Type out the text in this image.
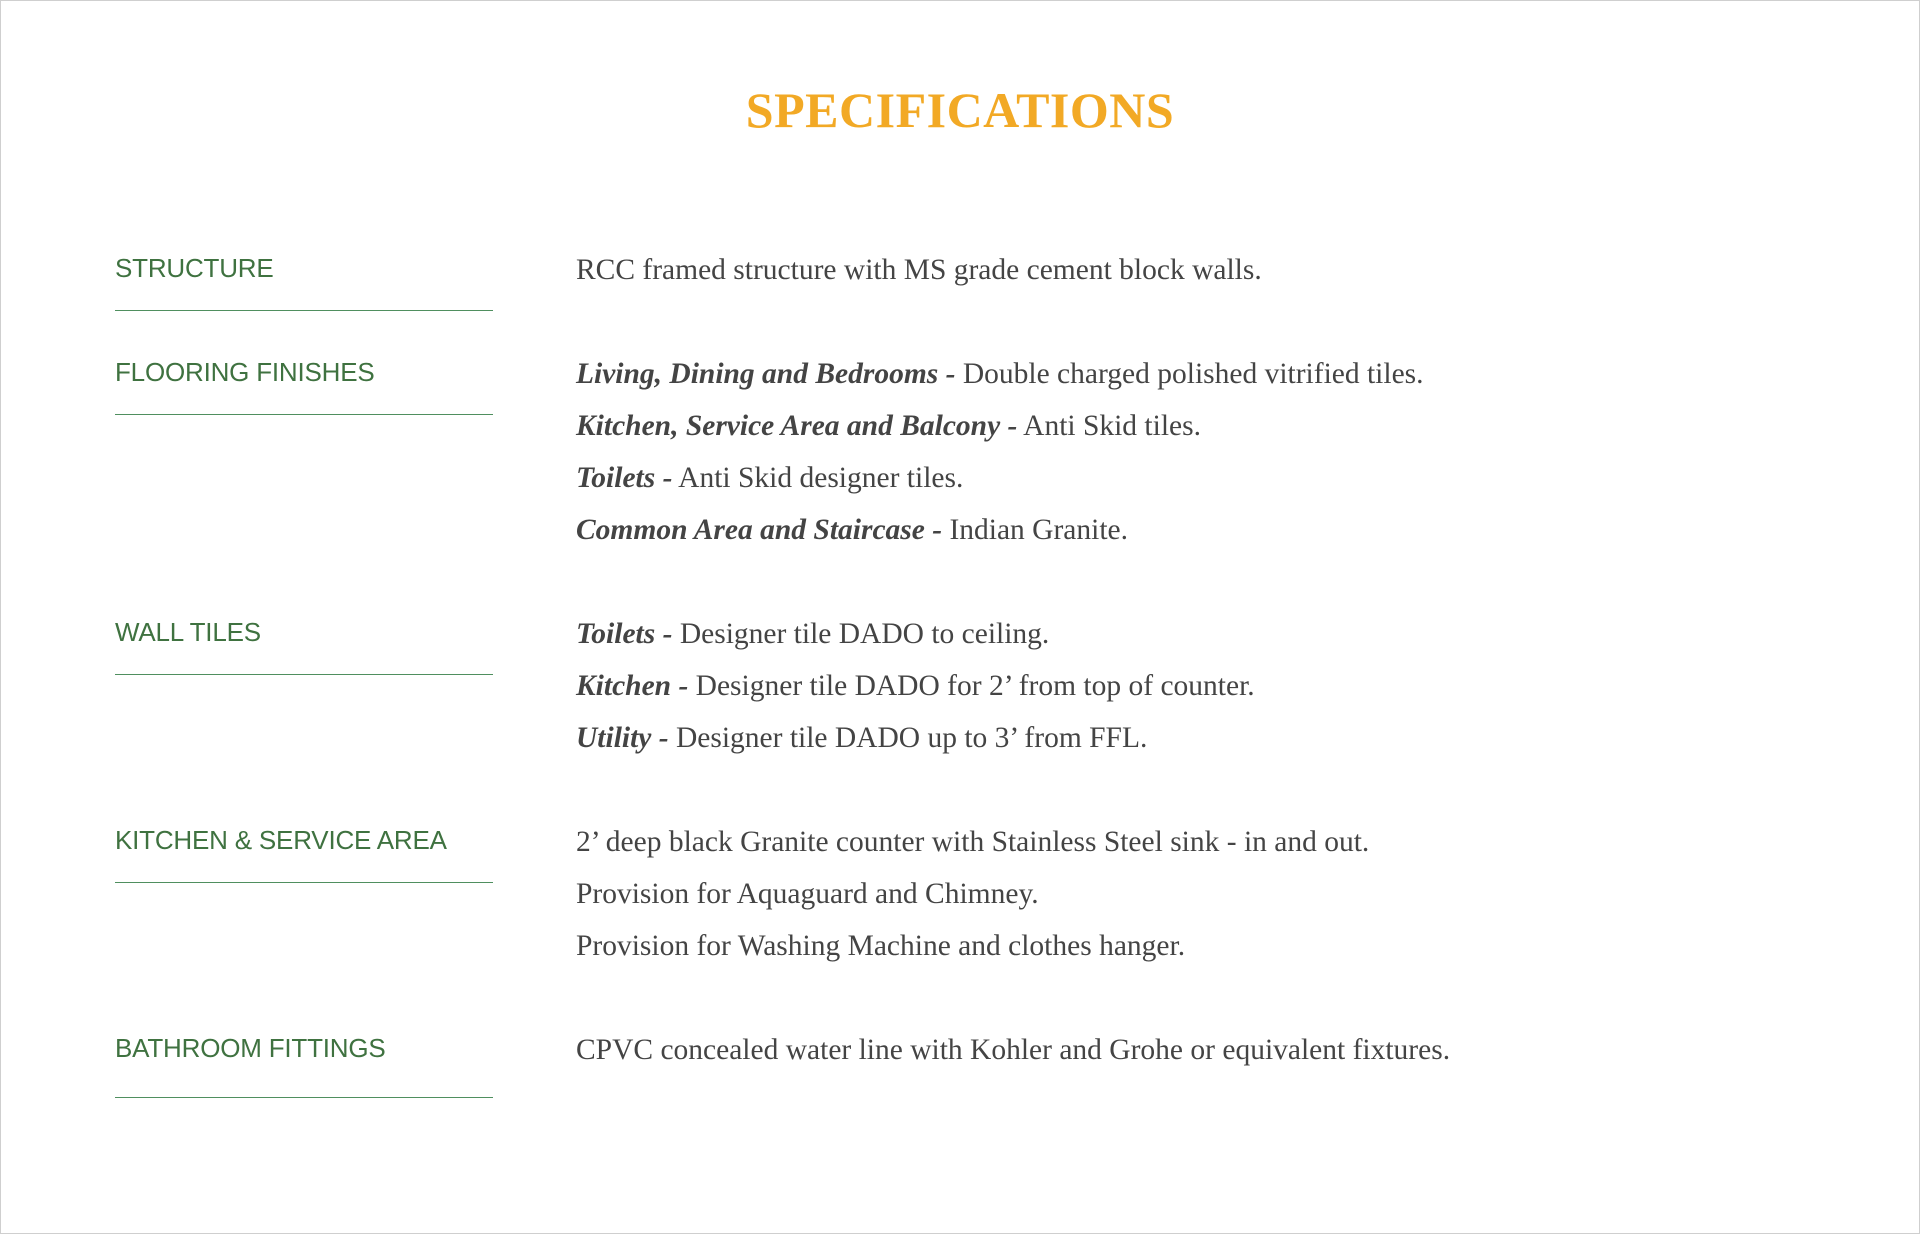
SPECIFICATIONS
STRUCTURE	RCC framed structure with MS grade cement block walls.
FLOORING FINISHES	Living, Dining and Bedrooms - Double charged polished vitrified tiles.
Kitchen, Service Area and Balcony - Anti Skid tiles.
Toilets - Anti Skid designer tiles.
Common Area and Staircase - Indian Granite.
WALL TILES	Toilets - Designer tile DADO to ceiling.
Kitchen - Designer tile DADO for 2’ from top of counter.
Utility - Designer tile DADO up to 3’ from FFL.
KITCHEN & SERVICE AREA	2’ deep black Granite counter with Stainless Steel sink - in and out.
Provision for Aquaguard and Chimney.
Provision for Washing Machine and clothes hanger.
BATHROOM FITTINGS	CPVC concealed water line with Kohler and Grohe or equivalent fixtures.
